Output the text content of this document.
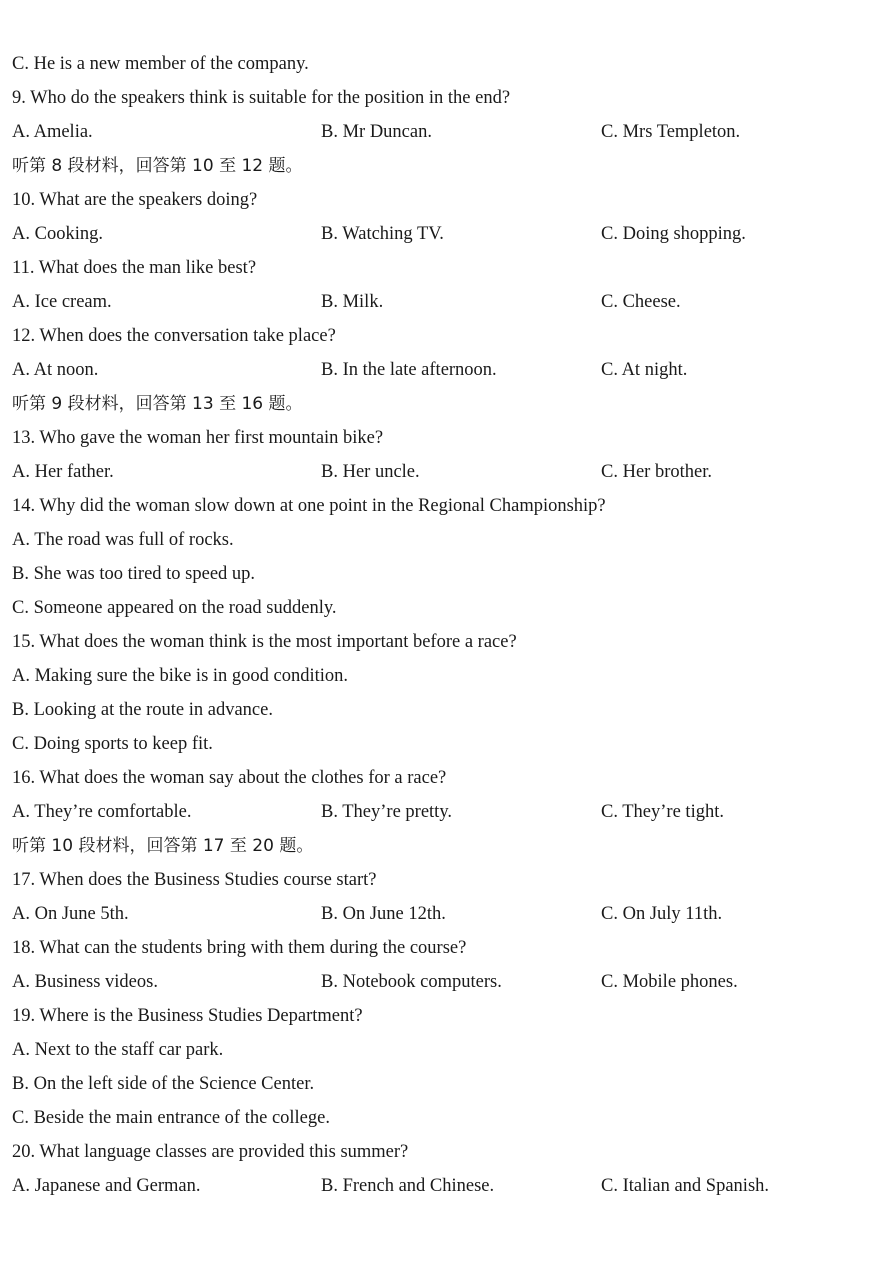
C. He is a new member of the company.
9. Who do the speakers think is suitable for the position in the end?
A. Amelia.	B. Mr Duncan.	C. Mrs Templeton.
听第 8 段材料，回答第 10 至 12 题。
10. What are the speakers doing?
A. Cooking.	B. Watching TV.	C. Doing shopping.
11. What does the man like best?
A. Ice cream.	B. Milk.	C. Cheese.
12. When does the conversation take place?
A. At noon.	B. In the late afternoon.	C. At night.
听第 9 段材料，回答第 13 至 16 题。
13. Who gave the woman her first mountain bike?
A. Her father.	B. Her uncle.	C. Her brother.
14. Why did the woman slow down at one point in the Regional Championship?
A. The road was full of rocks.
B. She was too tired to speed up.
C. Someone appeared on the road suddenly.
15. What does the woman think is the most important before a race?
A. Making sure the bike is in good condition.
B. Looking at the route in advance.
C. Doing sports to keep fit.
16. What does the woman say about the clothes for a race?
A. They’re comfortable.	B. They’re pretty.	C. They’re tight.
听第 10 段材料，回答第 17 至 20 题。
17. When does the Business Studies course start?
A. On June 5th.	B. On June 12th.	C. On July 11th.
18. What can the students bring with them during the course?
A. Business videos.	B. Notebook computers.	C. Mobile phones.
19. Where is the Business Studies Department?
A. Next to the staff car park.
B. On the left side of the Science Center.
C. Beside the main entrance of the college.
20. What language classes are provided this summer?
A. Japanese and German.	B. French and Chinese.	C. Italian and Spanish.
